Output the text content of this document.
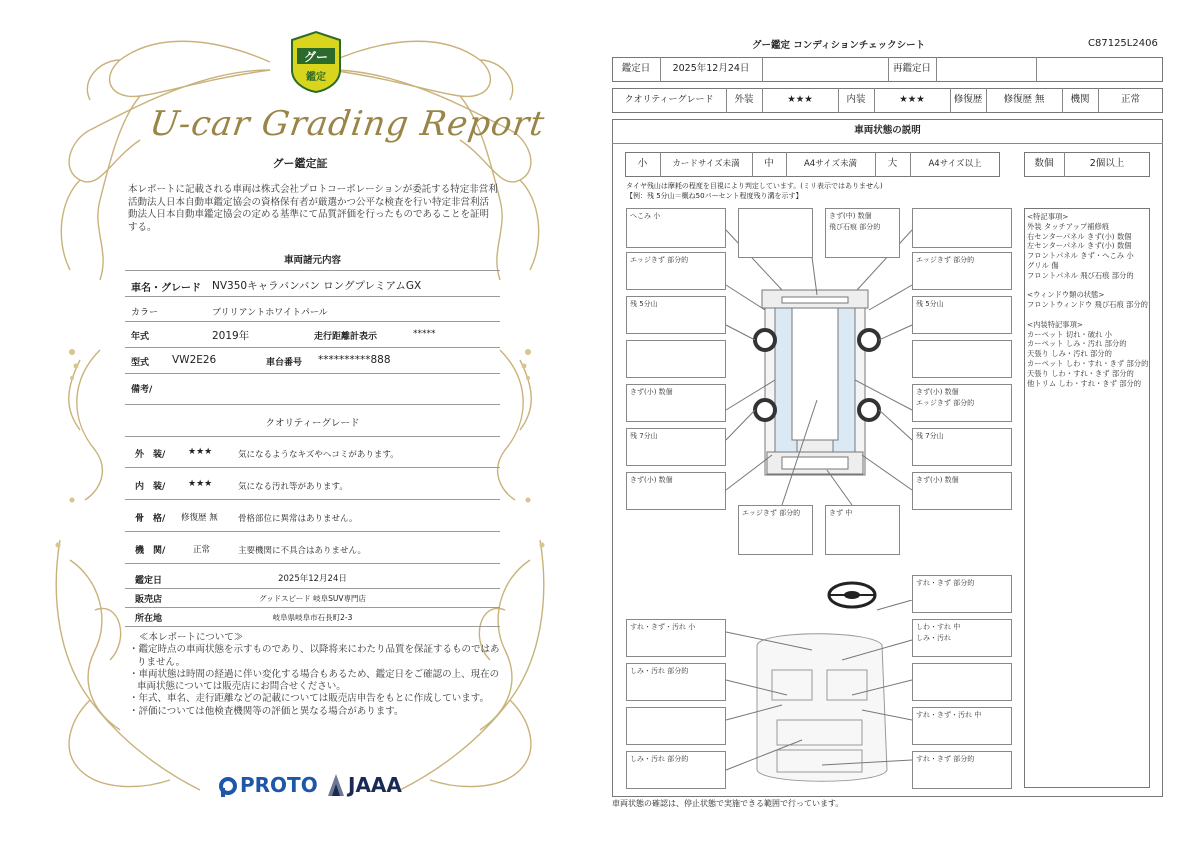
グー
鑑定
U-car Grading Report
グー鑑定証
本レポートに記載される車両は株式会社プロトコーポレーションが委託する特定非営利活動法人日本自動車鑑定協会の資格保有者が厳選かつ公平な検査を行い特定非営利活動法人日本自動車鑑定協会の定める基準にて品質評価を行ったものであることを証明する。
車両諸元内容
車名・グレード NV350キャラバンバン ロングプレミアムGX
カラー	ブリリアントホワイトパール
年式	2019年	走行距離計表示	*****
型式 VW2E26	車台番号 **********888
備考/
クオリティーグレード
外　装/	★★★	気になるようなキズやヘコミがあります。
内　装/	★★★	気になる汚れ等があります。
骨　格/ 修復歴 無 骨格部位に異常はありません。
機　関/	正常	主要機関に不具合はありません。
鑑定日	2025年12月24日
販売店	グッドスピード 岐阜SUV専門店
所在地	岐阜県岐阜市石長町2-3
≪本レポートについて≫
・鑑定時点の車両状態を示すものであり、以降将来にわたり品質を保証するものではありません。
・車両状態は時間の経過に伴い変化する場合もあるため、鑑定日をご確認の上、現在の車両状態については販売店にお問合せください。
・年式、車名、走行距離などの記載については販売店申告をもとに作成しています。
・評価については他検査機関等の評価と異なる場合があります。
PROTO JAAA
グー鑑定 コンディションチェックシート	C87125L2406
鑑定日	2025年12月24日	再鑑定日
クオリティーグレード	外装	★★★	内装	★★★	修復歴	修復歴 無	機関	正常
車両状態の説明
小	カードサイズ未満	中	A4サイズ未満	大	A4サイズ以上	数個	2個以上
タイヤ残山は摩耗の程度を目視により判定しています。(ミリ表示ではありません)
【例：残 5分山＝概ね50パーセント程度残り溝を示す】
<特記事項>
外装 タッチアップ補修痕
右センターパネル きず(小) 数個
左センターパネル きず(小) 数個
フロントパネル きず・へこみ 小
グリル 傷
フロントパネル 飛び石痕 部分的

<ウィンドウ類の状態>
フロントウィンドウ 飛び石痕 部分的

<内装特記事項>
カーペット 切れ・破れ 小
カーペット しみ・汚れ 部分的
天張り しみ・汚れ 部分的
カーペット しわ・すれ・きず 部分的
天張り しわ・すれ・きず 部分的
他トリム しわ・すれ・きず 部分的
へこみ 小	きず(中) 数個
飛び石痕 部分的
エッジきず 部分的	エッジきず 部分的
残 5分山	残 5分山
きず(小) 数個	きず(小) 数個
エッジきず 部分的
残 7分山	残 7分山
きず(小) 数個	きず(小) 数個
エッジきず 部分的	きず 中
すれ・きず 部分的
すれ・きず・汚れ 小	しわ・すれ 中
しみ・汚れ
しみ・汚れ 部分的
すれ・きず・汚れ 中
しみ・汚れ 部分的	すれ・きず 部分的
車両状態の確認は、停止状態で実施できる範囲で行っています。
